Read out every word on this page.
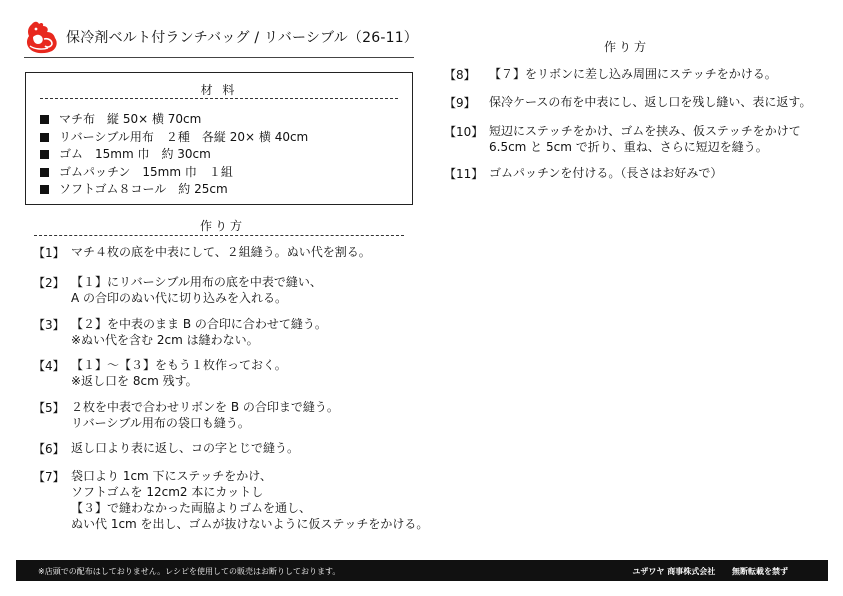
保冷剤ベルト付ランチバッグ / リバーシブル（26-11）
材 料
マチ布　縦 50× 横 70cm
リバーシブル用布　２種　各縦 20× 横 40cm
ゴム　15mm 巾　約 30cm
ゴムパッチン　15mm 巾　１組
ソフトゴム８コール　約 25cm
作り方
【1】 マチ４枚の底を中表にして、２組縫う。ぬい代を割る。
【2】 【１】にリバーシブル用布の底を中表で縫い、
A の合印のぬい代に切り込みを入れる。
【3】 【２】を中表のまま B の合印に合わせて縫う。
※ぬい代を含む 2cm は縫わない。
【4】 【１】～【３】をもう１枚作っておく。
※返し口を 8cm 残す。
【5】 ２枚を中表で合わせリボンを B の合印まで縫う。
リバーシブル用布の袋口も縫う。
【6】 返し口より表に返し、コの字とじで縫う。
【7】 袋口より 1cm 下にステッチをかけ、
ソフトゴムを 12cm2 本にカットし
【３】で縫わなかった両脇よりゴムを通し、
ぬい代 1cm を出し、ゴムが抜けないように仮ステッチをかける。
作り方
【8】 【７】をリボンに差し込み周囲にステッチをかける。
【9】 保冷ケースの布を中表にし、返し口を残し縫い、表に返す。
【10】 短辺にステッチをかけ、ゴムを挟み、仮ステッチをかけて
6.5cm と 5cm で折り、重ね、さらに短辺を縫う。
【11】 ゴムパッチンを付ける。（長さはお好みで）
※店頭での配布はしておりません。レシピを使用しての販売はお断りしております。	ユザワヤ 商事株式会社 無断転載を禁ず
